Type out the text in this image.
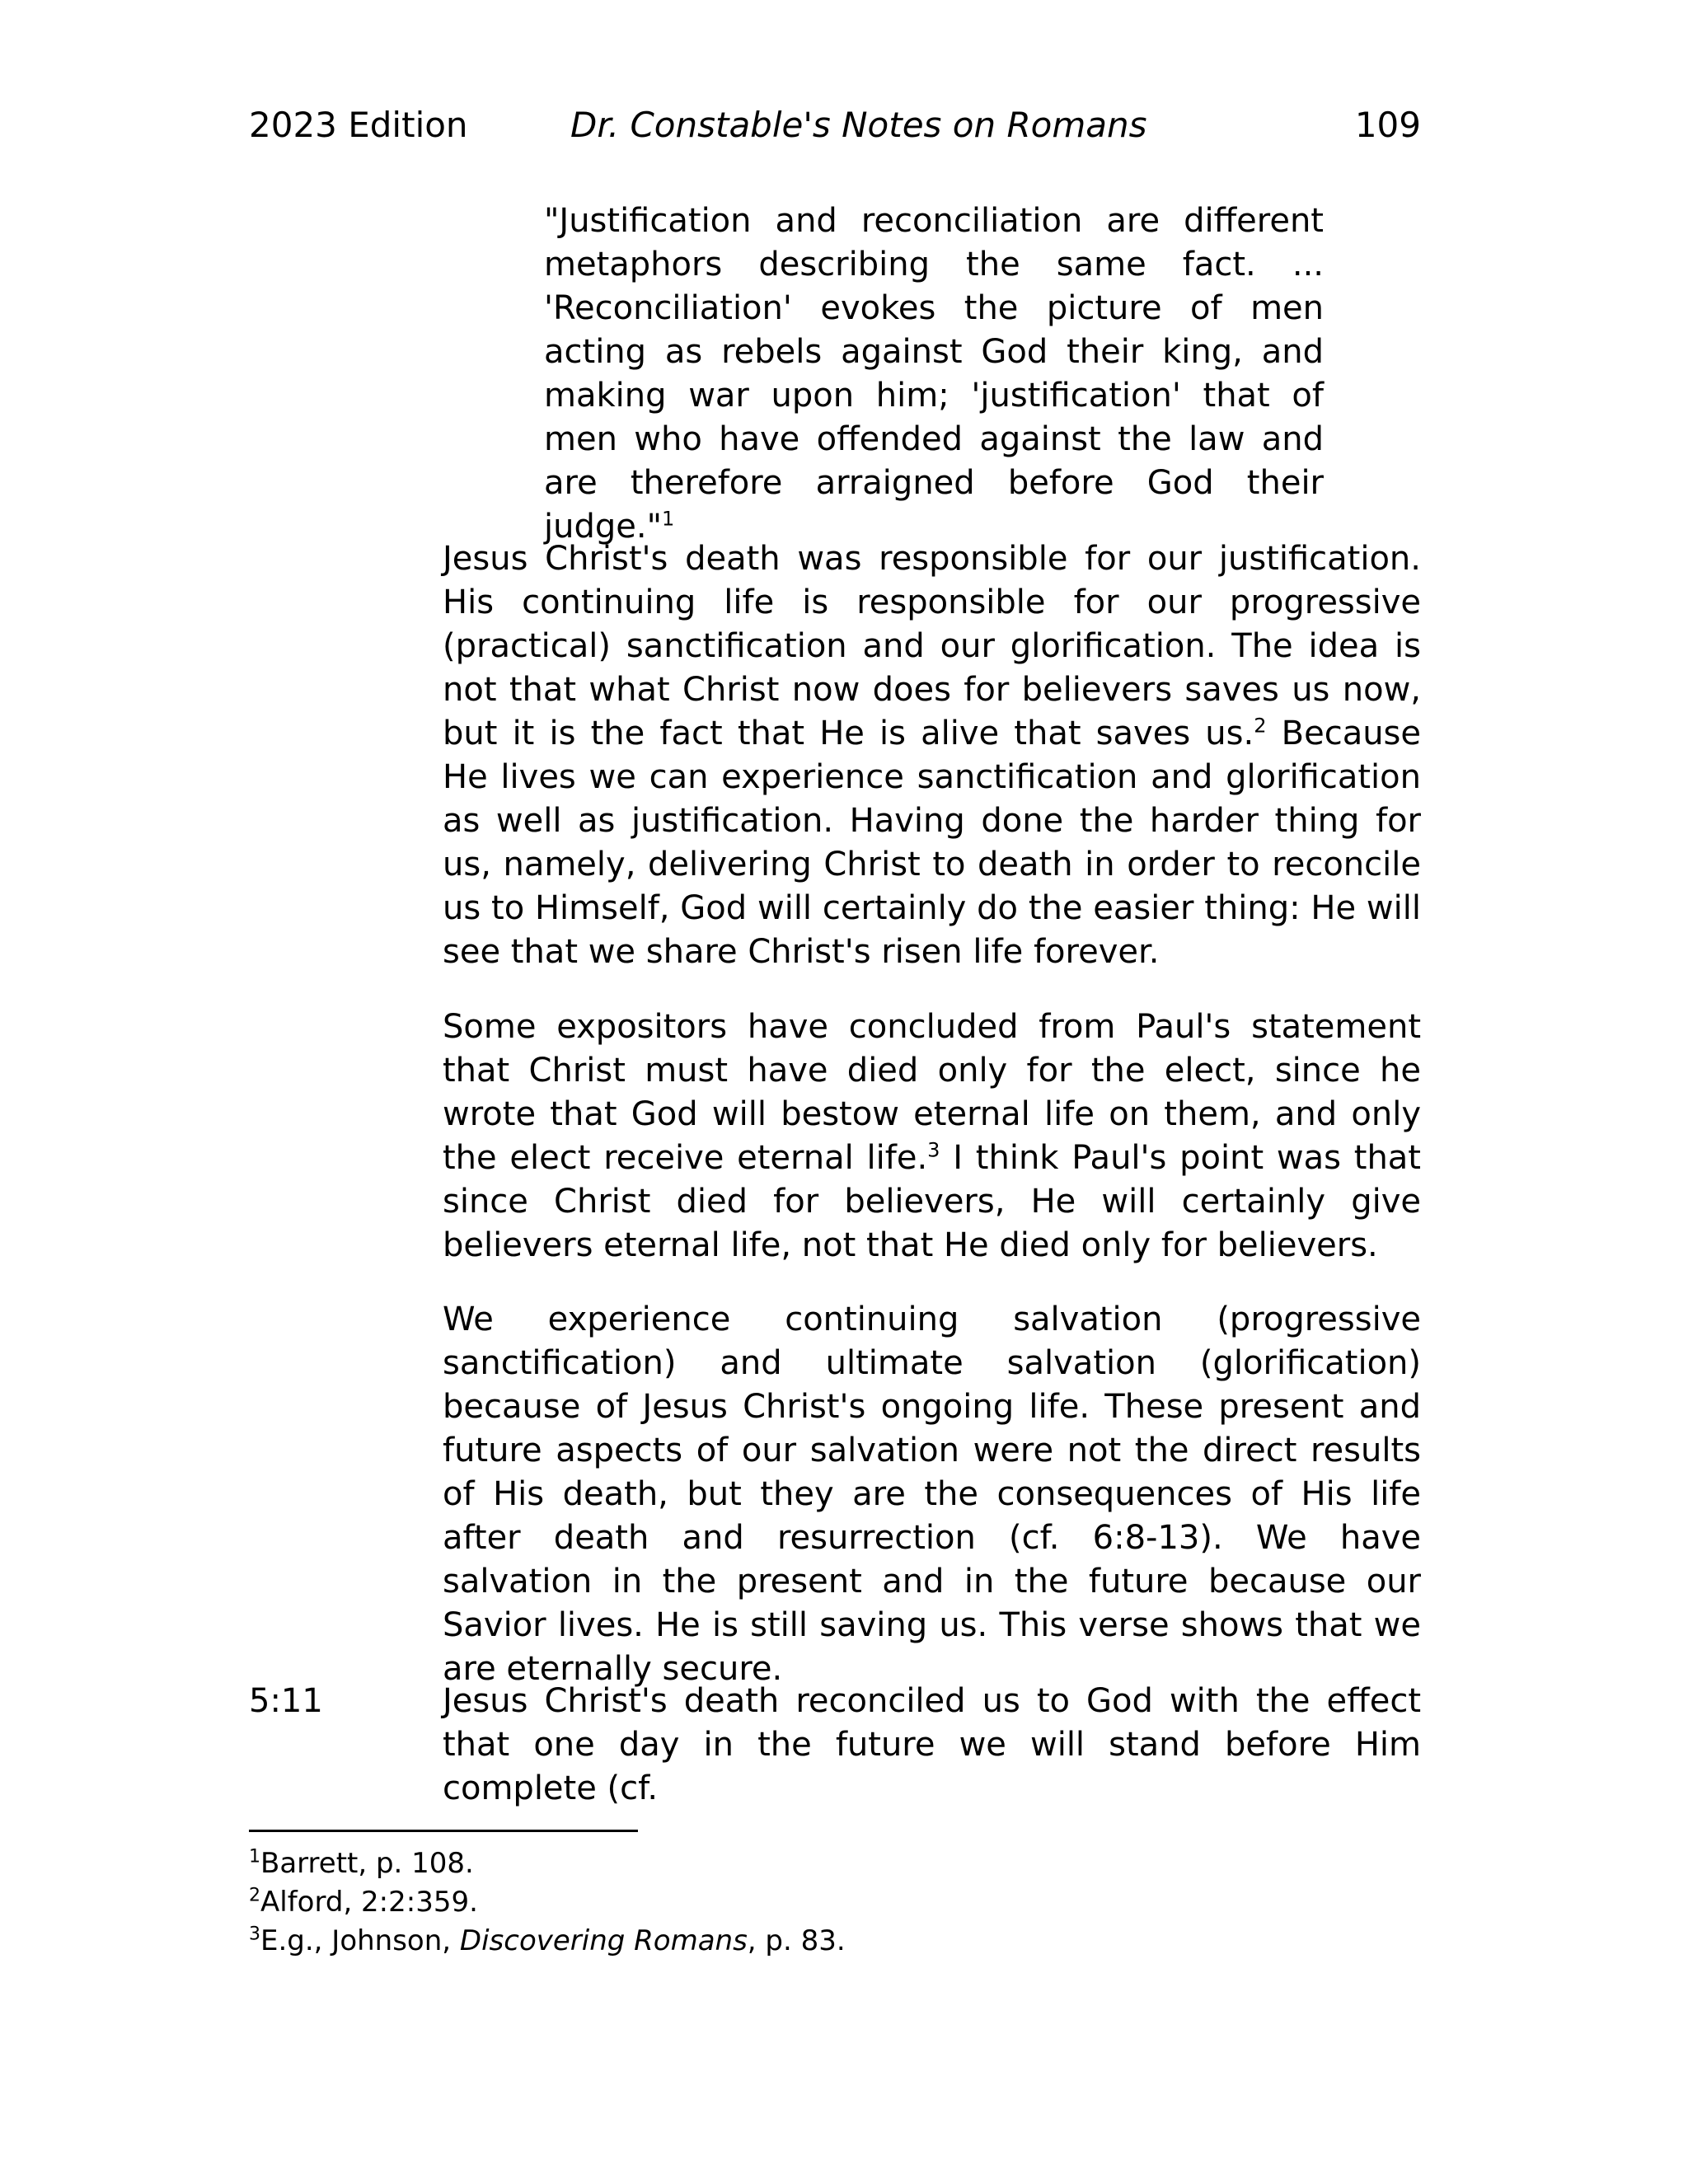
2023 Edition	Dr. Constable's Notes on Romans	109
"Justification and reconciliation are different metaphors describing the same fact. ... 'Reconciliation' evokes the picture of men acting as rebels against God their king, and making war upon him; 'justification' that of men who have offended against the law and are therefore arraigned before God their judge."$^1$
Jesus Christ's death was responsible for our justification. His continuing life is responsible for our progressive (practical) sanctification and our glorification. The idea is not that what Christ now does for believers saves us now, but it is the fact that He is alive that saves us.$^2$ Because He lives we can experience sanctification and glorification as well as justification. Having done the harder thing for us, namely, delivering Christ to death in order to reconcile us to Himself, God will certainly do the easier thing: He will see that we share Christ's risen life forever.
Some expositors have concluded from Paul's statement that Christ must have died only for the elect, since he wrote that God will bestow eternal life on them, and only the elect receive eternal life.$^3$ I think Paul's point was that since Christ died for believers, He will certainly give believers eternal life, not that He died only for believers.
We experience continuing salvation (progressive sanctification) and ultimate salvation (glorification) because of Jesus Christ's ongoing life. These present and future aspects of our salvation were not the direct results of His death, but they are the consequences of His life after death and resurrection (cf. 6:8-13). We have salvation in the present and in the future because our Savior lives. He is still saving us. This verse shows that we are eternally secure.
5:11	Jesus Christ's death reconciled us to God with the effect that one day in the future we will stand before Him complete (cf.
$^1$Barrett, p. 108.
$^2$Alford, 2:2:359.
$^3$E.g., Johnson, Discovering Romans, p. 83.
